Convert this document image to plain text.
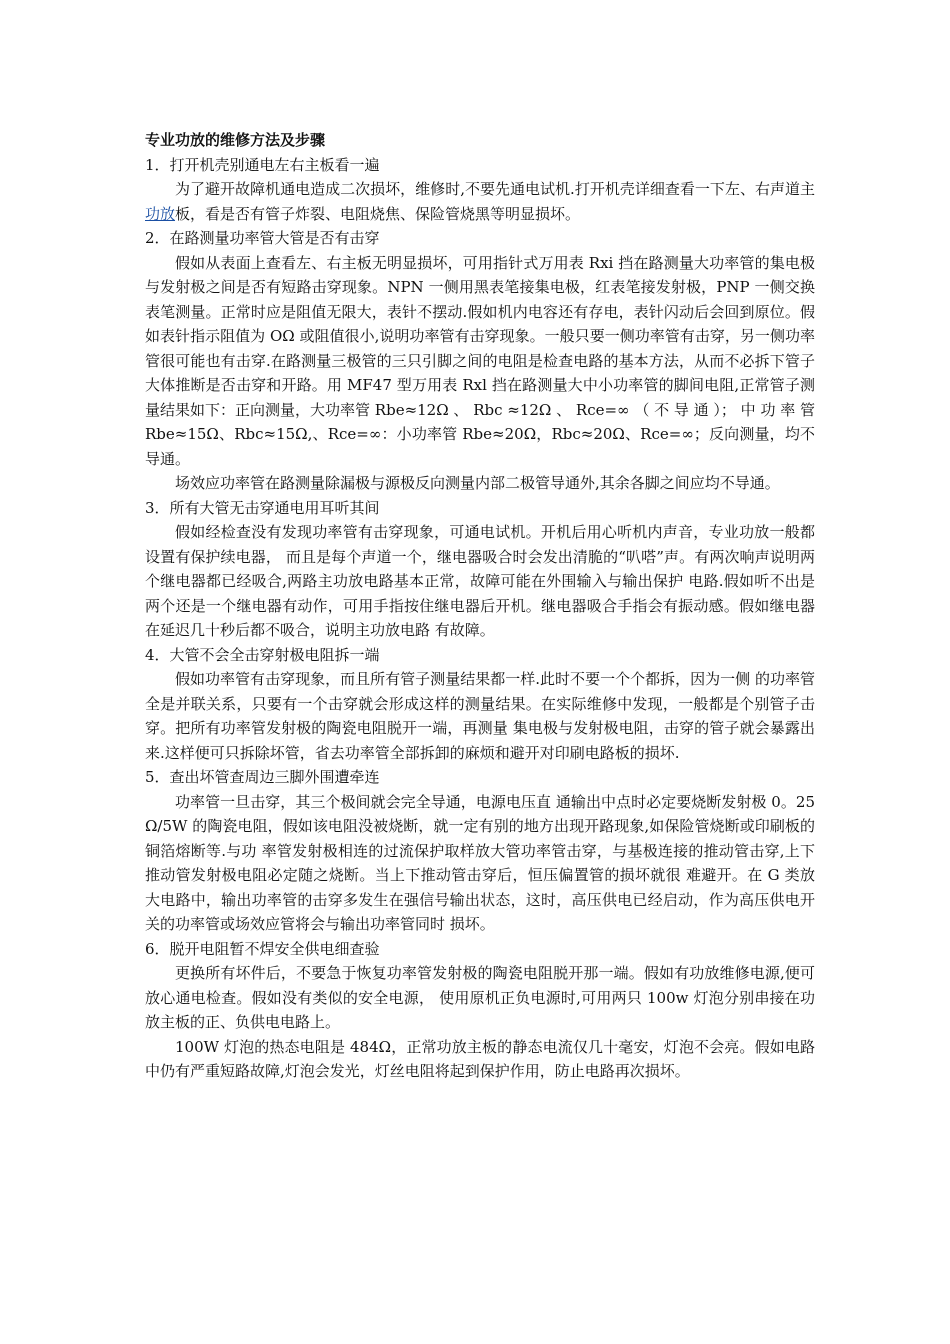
专业功放的维修方法及步骤
1．打开机壳别通电左右主板看一遍
为了避开故障机通电造成二次损坏，维修时,不要先通电试机.打开机壳详细查看一下左、右声道主功放板，看是否有管子炸裂、电阻烧焦、保险管烧黑等明显损坏。
2．在路测量功率管大管是否有击穿
假如从表面上查看左、右主板无明显损坏，可用指针式万用表 Rxi 挡在路测量大功率管的集电极与发射极之间是否有短路击穿现象。NPN 一侧用黑表笔接集电极，红表笔接发射极，PNP 一侧交换表笔测量。正常时应是阻值无限大，表针不摆动.假如机内电容还有存电，表针闪动后会回到原位。假如表针指示阻值为 OΩ 或阻值很小,说明功率管有击穿现象。一般只要一侧功率管有击穿，另一侧功率管很可能也有击穿.在路测量三极管的三只引脚之间的电阻是检查电路的基本方法，从而不必拆下管子大体推断是否击穿和开路。用 MF47 型万用表 Rxl 挡在路测量大中小功率管的脚间电阻,正常管子测量结果如下：正向测量，大功率管 Rbe≈12Ω 、 Rbc ≈12Ω 、 Rce=∞ （ 不 导 通 ）； 中 功 率 管 Rbe≈15Ω、Rbc≈15Ω,、Rce=∞：小功率管 Rbe≈20Ω，Rbc≈20Ω、Rce=∞；反向测量，均不导通。
场效应功率管在路测量除漏极与源极反向测量内部二极管导通外,其余各脚之间应均不导通。
3．所有大管无击穿通电用耳听其间
假如经检查没有发现功率管有击穿现象，可通电试机。开机后用心听机内声音，专业功放一般都设置有保护续电器， 而且是每个声道一个，继电器吸合时会发出清脆的“叭嗒”声。有两次响声说明两个继电器都已经吸合,两路主功放电路基本正常，故障可能在外围输入与输出保护 电路.假如听不出是两个还是一个继电器有动作，可用手指按住继电器后开机。继电器吸合手指会有振动感。假如继电器在延迟几十秒后都不吸合，说明主功放电路 有故障。
4．大管不会全击穿射极电阻拆一端
假如功率管有击穿现象，而且所有管子测量结果都一样.此时不要一个个都拆，因为一侧 的功率管全是并联关系，只要有一个击穿就会形成这样的测量结果。在实际维修中发现，一般都是个别管子击穿。把所有功率管发射极的陶瓷电阻脱开一端，再测量 集电极与发射极电阻，击穿的管子就会暴露出来.这样便可只拆除坏管，省去功率管全部拆卸的麻烦和避开对印刷电路板的损坏.
5．查出坏管查周边三脚外围遭牵连
功率管一旦击穿，其三个极间就会完全导通，电源电压直 通输出中点时必定要烧断发射极 0。25Ω/5W 的陶瓷电阻，假如该电阻没被烧断，就一定有别的地方出现开路现象,如保险管烧断或印刷板的铜箔熔断等.与功 率管发射极相连的过流保护取样放大管功率管击穿，与基极连接的推动管击穿,上下推动管发射极电阻必定随之烧断。当上下推动管击穿后，恒压偏置管的损坏就很 难避开。在 G 类放大电路中，输出功率管的击穿多发生在强信号输出状态，这时，高压供电已经启动，作为高压供电开关的功率管或场效应管将会与输出功率管同时 损坏。
6．脱开电阻暂不焊安全供电细查验
更换所有坏件后，不要急于恢复功率管发射极的陶瓷电阻脱开那一端。假如有功放维修电源,便可放心通电检查。假如没有类似的安全电源， 使用原机正负电源时,可用两只 100w 灯泡分别串接在功放主板的正、负供电电路上。
100W 灯泡的热态电阻是 484Ω，正常功放主板的静态电流仅几十毫安，灯泡不会亮。假如电路中仍有严重短路故障,灯泡会发光，灯丝电阻将起到保护作用，防止电路再次损坏。
